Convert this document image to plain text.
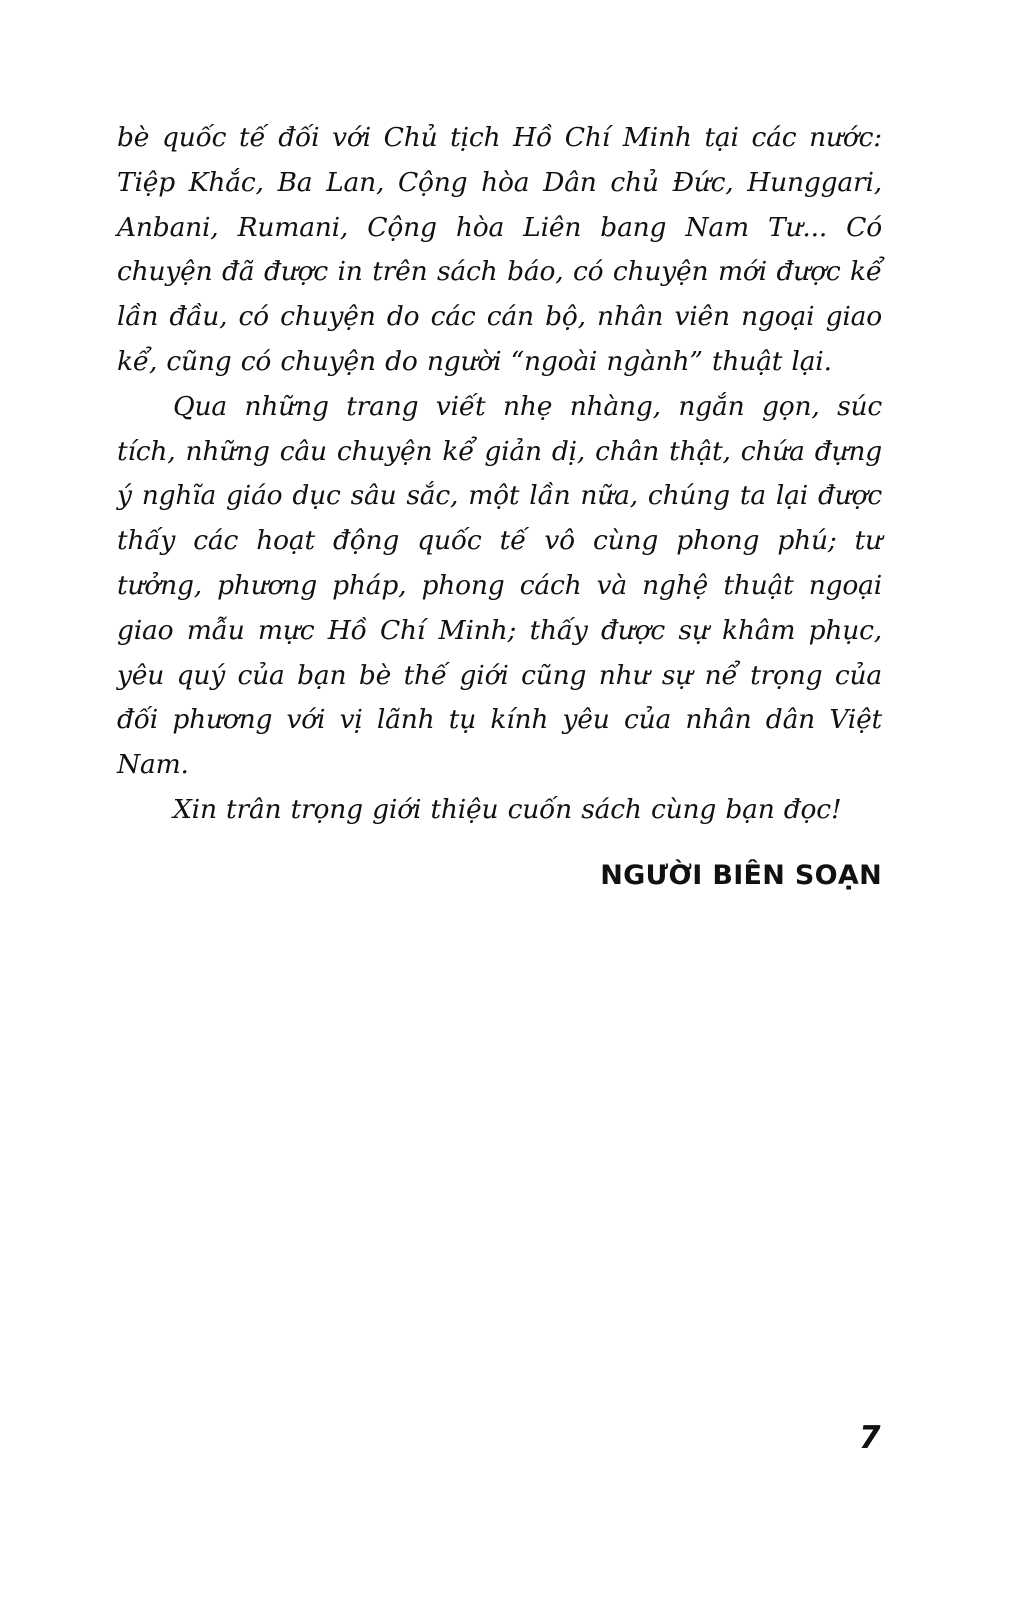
bè quốc tế đối với Chủ tịch Hồ Chí Minh tại các nước: Tiệp Khắc, Ba Lan, Cộng hòa Dân chủ Đức, Hunggari, Anbani, Rumani, Cộng hòa Liên bang Nam Tư... Có chuyện đã được in trên sách báo, có chuyện mới được kể lần đầu, có chuyện do các cán bộ, nhân viên ngoại giao kể, cũng có chuyện do người “ngoài ngành” thuật lại.

Qua những trang viết nhẹ nhàng, ngắn gọn, súc tích, những câu chuyện kể giản dị, chân thật, chứa đựng ý nghĩa giáo dục sâu sắc, một lần nữa, chúng ta lại được thấy các hoạt động quốc tế vô cùng phong phú; tư tưởng, phương pháp, phong cách và nghệ thuật ngoại giao mẫu mực Hồ Chí Minh; thấy được sự khâm phục, yêu quý của bạn bè thế giới cũng như sự nể trọng của đối phương với vị lãnh tụ kính yêu của nhân dân Việt Nam.

Xin trân trọng giới thiệu cuốn sách cùng bạn đọc!

NGƯỜI BIÊN SOẠN

7
